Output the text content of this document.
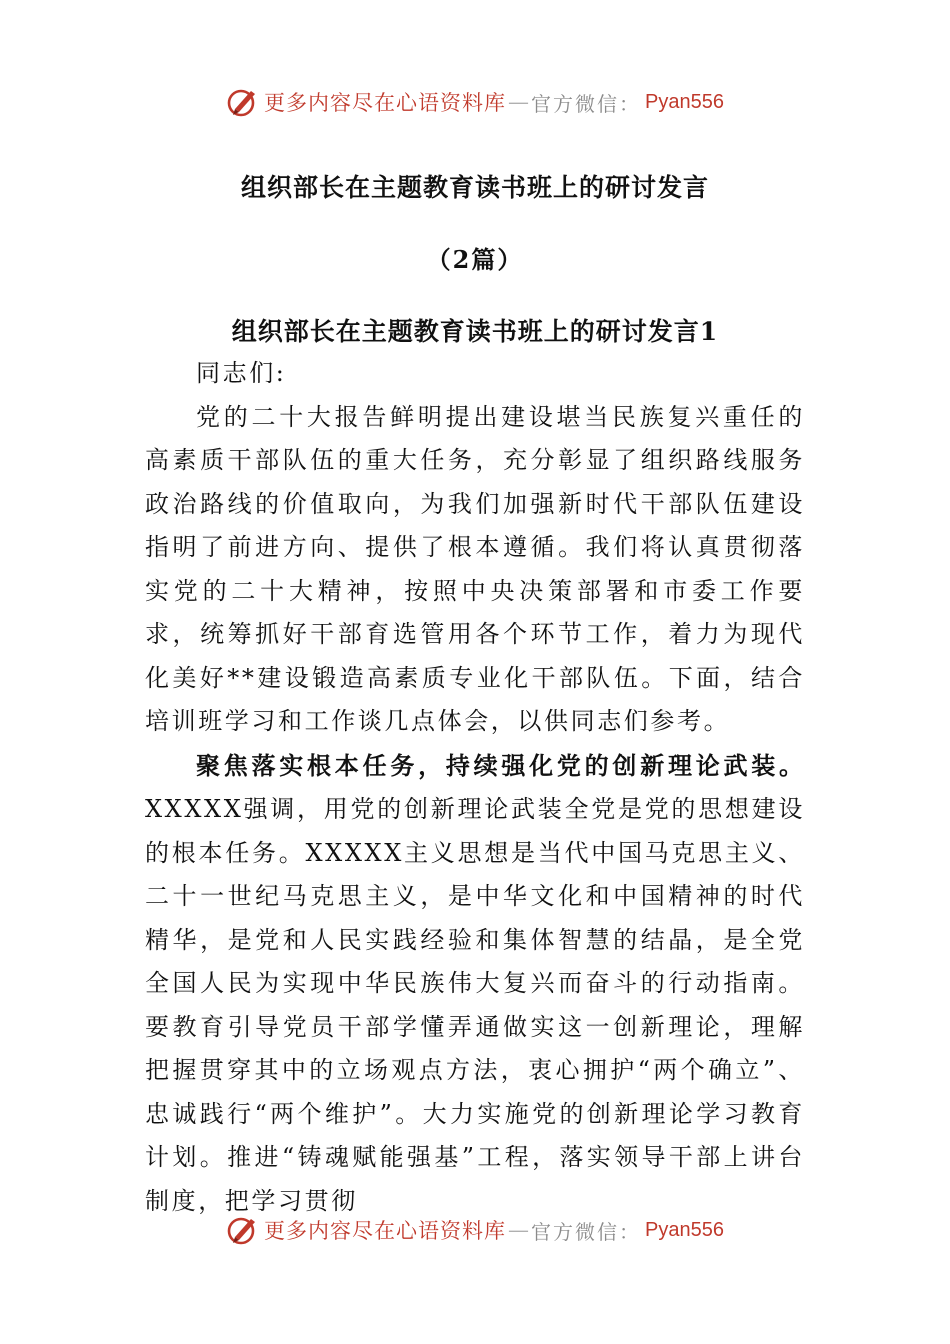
更多内容尽在心语资料库 — 官方微信： Pyan556
组织部长在主题教育读书班上的研讨发言
（2篇）
组织部长在主题教育读书班上的研讨发言1

同志们:

党的二十大报告鲜明提出建设堪当民族复兴重任的高素质干部队伍的重大任务，充分彰显了组织路线服务政治路线的价值取向，为我们加强新时代干部队伍建设指明了前进方向、提供了根本遵循。我们将认真贯彻落实党的二十大精神，按照中央决策部署和市委工作要求，统筹抓好干部育选管用各个环节工作，着力为现代化美好**建设锻造高素质专业化干部队伍。下面，结合培训班学习和工作谈几点体会，以供同志们参考。

聚焦落实根本任务，持续强化党的创新理论武装。XXXXX强调，用党的创新理论武装全党是党的思想建设的根本任务。XXXXX主义思想是当代中国马克思主义、二十一世纪马克思主义，是中华文化和中国精神的时代精华，是党和人民实践经验和集体智慧的结晶，是全党全国人民为实现中华民族伟大复兴而奋斗的行动指南。要教育引导党员干部学懂弄通做实这一创新理论，理解把握贯穿其中的立场观点方法，衷心拥护“两个确立”、忠诚践行“两个维护”。大力实施党的创新理论学习教育计划。推进“铸魂赋能强基”工程，落实领导干部上讲台制度，把学习贯彻

更多内容尽在心语资料库 — 官方微信： Pyan556
